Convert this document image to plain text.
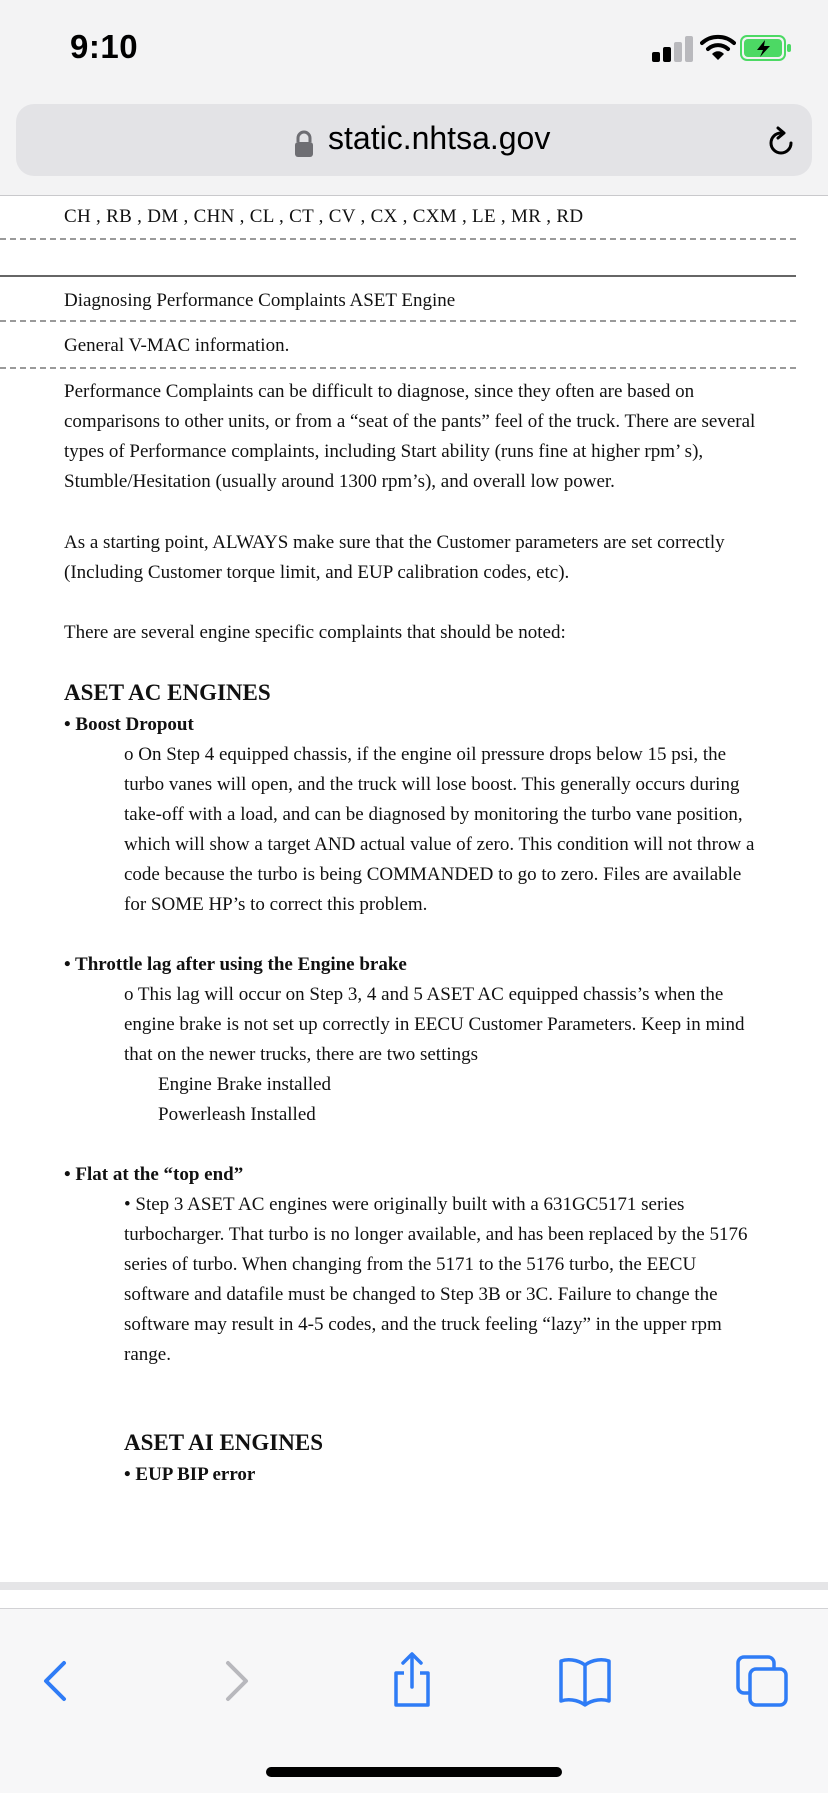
9:10
static.nhtsa.gov
CH , RB , DM , CHN , CL , CT , CV , CX , CXM , LE , MR , RD
Diagnosing Performance Complaints ASET Engine
General V-MAC information.
Performance Complaints can be difficult to diagnose, since they often are based on comparisons to other units, or from a “seat of the pants” feel of the truck. There are several types of Performance complaints, including Start ability (runs fine at higher rpm’ s), Stumble/Hesitation (usually around 1300 rpm’s), and overall low power.
As a starting point, ALWAYS make sure that the Customer parameters are set correctly (Including Customer torque limit, and EUP calibration codes, etc).
There are several engine specific complaints that should be noted:
ASET AC ENGINES
• Boost Dropout
o On Step 4 equipped chassis, if the engine oil pressure drops below 15 psi, the turbo vanes will open, and the truck will lose boost. This generally occurs during take-off with a load, and can be diagnosed by monitoring the turbo vane position, which will show a target AND actual value of zero. This condition will not throw a code because the turbo is being COMMANDED to go to zero. Files are available for SOME HP’s to correct this problem.
• Throttle lag after using the Engine brake
o This lag will occur on Step 3, 4 and 5 ASET AC equipped chassis’s when the engine brake is not set up correctly in EECU Customer Parameters. Keep in mind that on the newer trucks, there are two settings
Engine Brake installed
Powerleash Installed
• Flat at the “top end”
• Step 3 ASET AC engines were originally built with a 631GC5171 series turbocharger. That turbo is no longer available, and has been replaced by the 5176 series of turbo. When changing from the 5171 to the 5176 turbo, the EECU software and datafile must be changed to Step 3B or 3C. Failure to change the software may result in 4-5 codes, and the truck feeling “lazy” in the upper rpm range.
ASET AI ENGINES
• EUP BIP error
